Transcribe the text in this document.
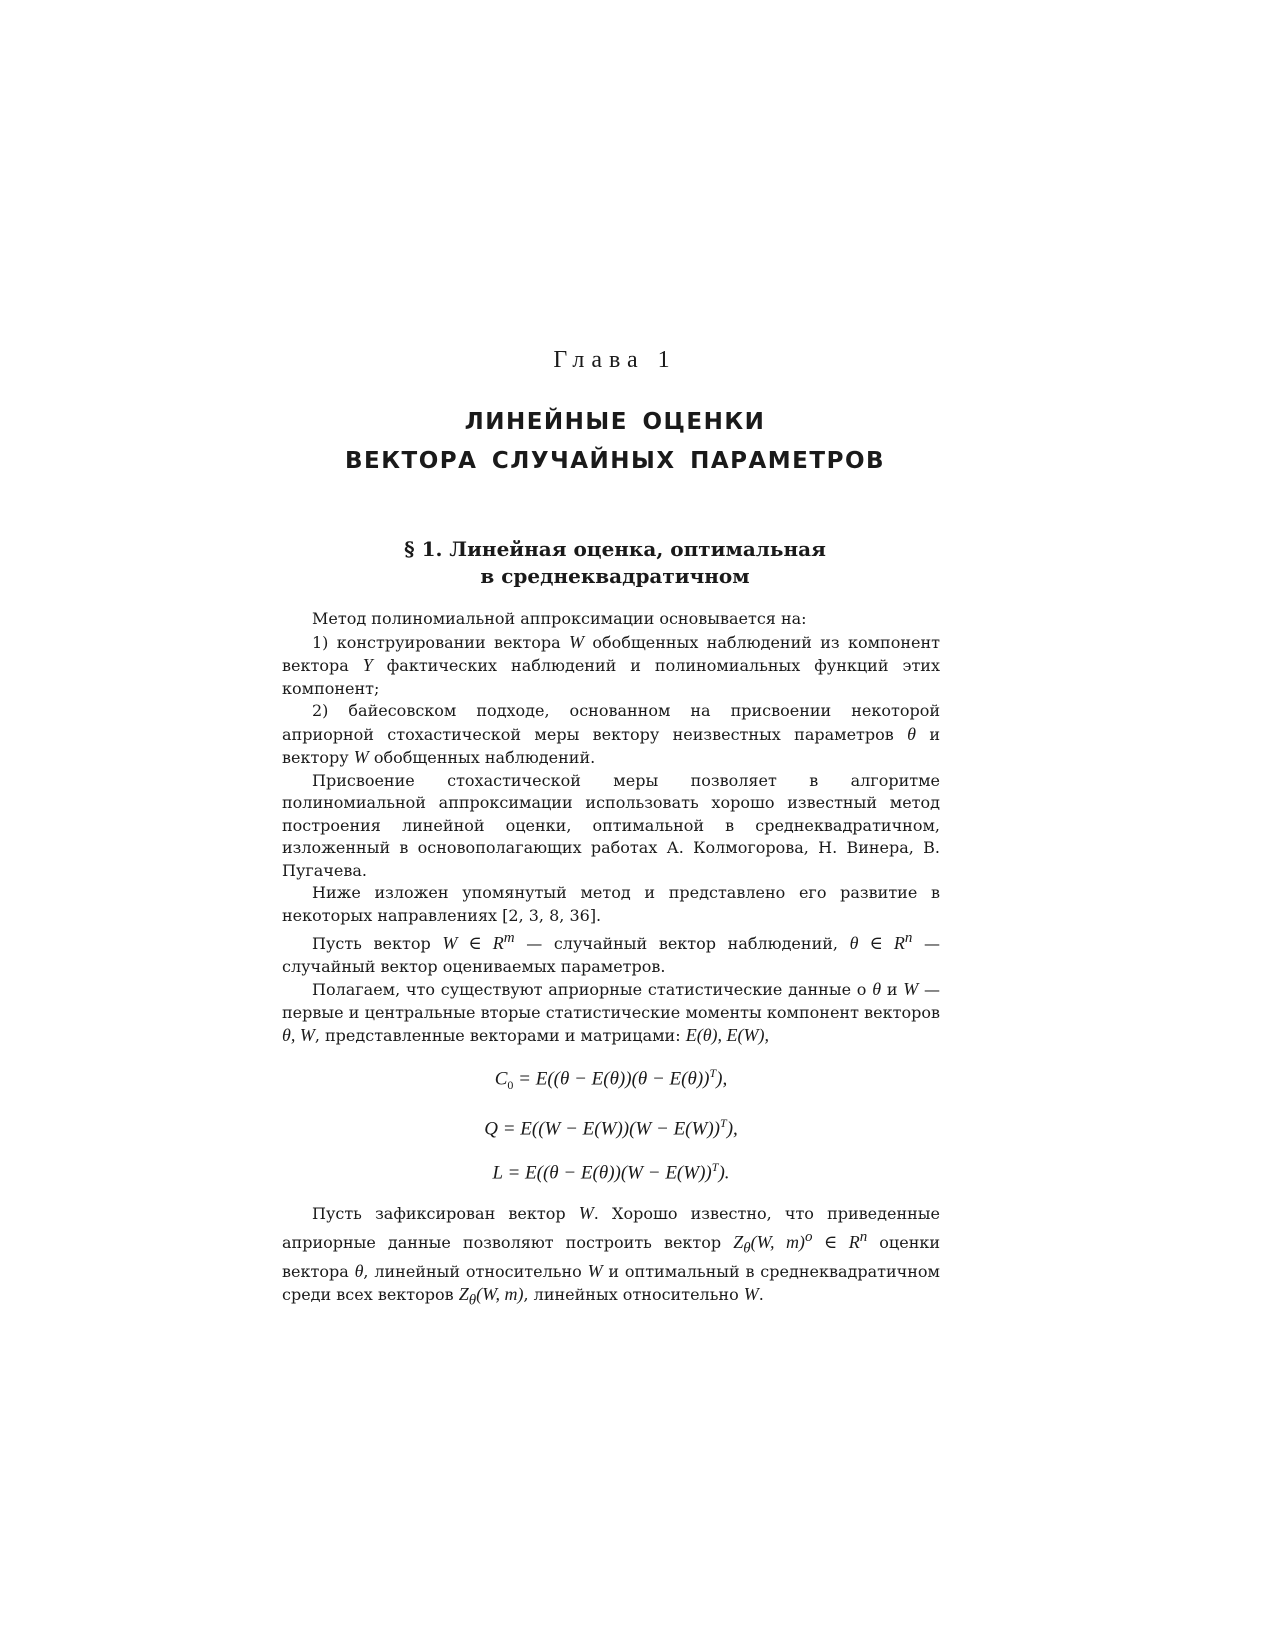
Глава 1
ЛИНЕЙНЫЕ ОЦЕНКИ
ВЕКТОРА СЛУЧАЙНЫХ ПАРАМЕТРОВ
§ 1. Линейная оценка, оптимальная
в среднеквадратичном

Метод полиномиальной аппроксимации основывается на:

1) конструировании вектора W обобщенных наблюдений из компонент вектора Y фактических наблюдений и полиномиальных функций этих компонент;

2) байесовском подходе, основанном на присвоении некоторой априорной стохастической меры вектору неизвестных параметров θ и вектору W обобщенных наблюдений.

Присвоение стохастической меры позволяет в алгоритме полиномиальной аппроксимации использовать хорошо известный метод построения линейной оценки, оптимальной в среднеквадратичном, изложенный в основополагающих работах А. Колмогорова, Н. Винера, В. Пугачева.

Ниже изложен упомянутый метод и представлено его развитие в некоторых направлениях [2, 3, 8, 36].

Пусть вектор W ∈ $R^m$ — случайный вектор наблюдений, θ ∈ $R^n$ — случайный вектор оцениваемых параметров.

Полагаем, что существуют априорные статистические данные о θ и W — первые и центральные вторые статистические моменты компонент векторов θ, W, представленные векторами и матрицами: E(θ), E(W),

$C_0 = E((\theta - E(\theta))(\theta - E(\theta))^T)$,
$Q = E((W - E(W))(W - E(W))^T)$,
$L = E((\theta - E(\theta))(W - E(W))^T)$.

Пусть зафиксирован вектор W. Хорошо известно, что приведенные априорные данные позволяют построить вектор $Z_\theta(W$, m)$^o$ ∈ $R^n$ оценки вектора θ, линейный относительно W и оптимальный в среднеквадратичном среди всех векторов $Z_\theta(W$, m), линейных относительно W.
